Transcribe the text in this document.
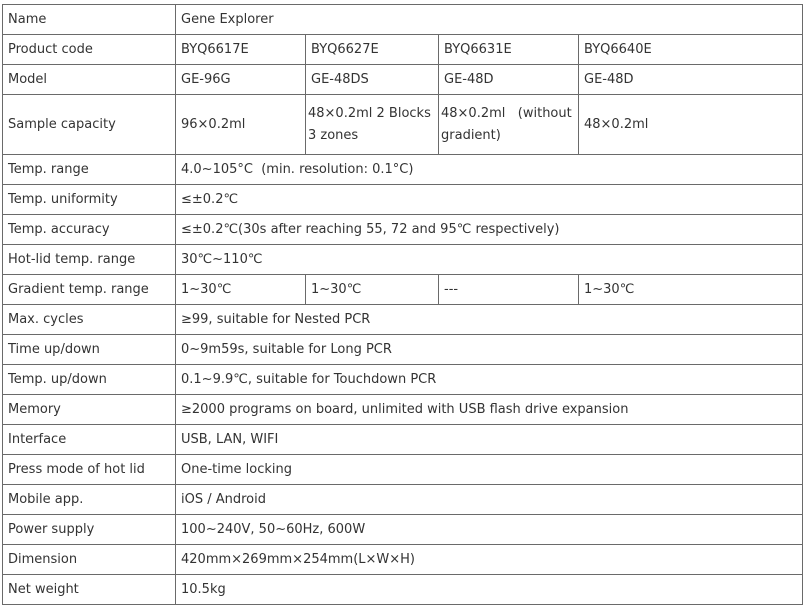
Name	Gene Explorer			
Product code	BYQ6617E	BYQ6627E	BYQ6631E	BYQ6640E
Model	GE-96G	GE-48DS	GE-48D	GE-48D
Sample capacity	96×0.2ml	48×0.2ml 2 Blocks 3 zones	48×0.2ml   (without gradient)	48×0.2ml
Temp. range	4.0~105°C  (min. resolution: 0.1°C)			
Temp. uniformity	≤±0.2℃			
Temp. accuracy	≤±0.2℃(30s after reaching 55, 72 and 95℃ respectively)			
Hot-lid temp. range	30℃~110℃			
Gradient temp. range	1~30℃	1~30℃	---	1~30℃
Max. cycles	≥99, suitable for Nested PCR			
Time up/down	0~9m59s, suitable for Long PCR			
Temp. up/down	0.1~9.9℃, suitable for Touchdown PCR			
Memory	≥2000 programs on board, unlimited with USB flash drive expansion			
Interface	USB, LAN, WIFI			
Press mode of hot lid	One-time locking			
Mobile app.	iOS / Android			
Power supply	100~240V, 50~60Hz, 600W			
Dimension	420mm×269mm×254mm(L×W×H)			
Net weight	10.5kg			
